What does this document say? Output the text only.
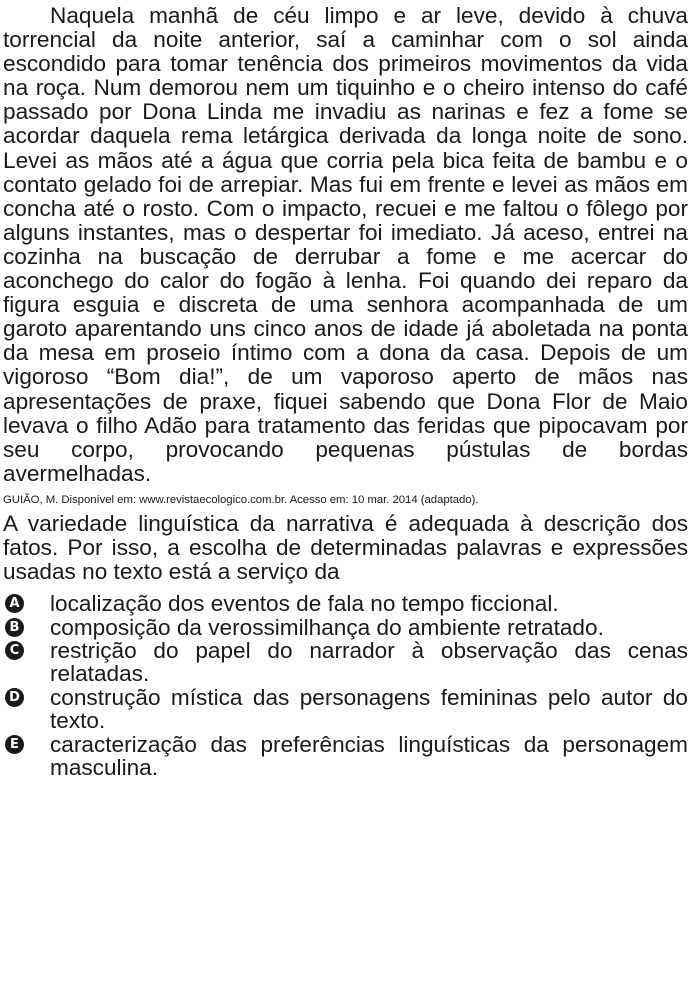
Naquela manhã de céu limpo e ar leve, devido à chuva torrencial da noite anterior, saí a caminhar com o sol ainda escondido para tomar tenência dos primeiros movimentos da vida na roça. Num demorou nem um tiquinho e o cheiro intenso do café passado por Dona Linda me invadiu as narinas e fez a fome se acordar daquela rema letárgica derivada da longa noite de sono. Levei as mãos até a água que corria pela bica feita de bambu e o contato gelado foi de arrepiar. Mas fui em frente e levei as mãos em concha até o rosto. Com o impacto, recuei e me faltou o fôlego por alguns instantes, mas o despertar foi imediato. Já aceso, entrei na cozinha na buscação de derrubar a fome e me acercar do aconchego do calor do fogão à lenha. Foi quando dei reparo da figura esguia e discreta de uma senhora acompanhada de um garoto aparentando uns cinco anos de idade já aboletada na ponta da mesa em proseio íntimo com a dona da casa. Depois de um vigoroso “Bom dia!”, de um vaporoso aperto de mãos nas apresentações de praxe, fiquei sabendo que Dona Flor de Maio levava o filho Adão para tratamento das feridas que pipocavam por seu corpo, provocando pequenas pústulas de bordas avermelhadas.

GUIÃO, M. Disponível em: www.revistaecologico.com.br. Acesso em: 10 mar. 2014 (adaptado).

A variedade linguística da narrativa é adequada à descrição dos fatos. Por isso, a escolha de determinadas palavras e expressões usadas no texto está a serviço da

A localização dos eventos de fala no tempo ficcional.
B composição da verossimilhança do ambiente retratado.
C restrição do papel do narrador à observação das cenas relatadas.
D construção mística das personagens femininas pelo autor do texto.
E caracterização das preferências linguísticas da personagem masculina.
